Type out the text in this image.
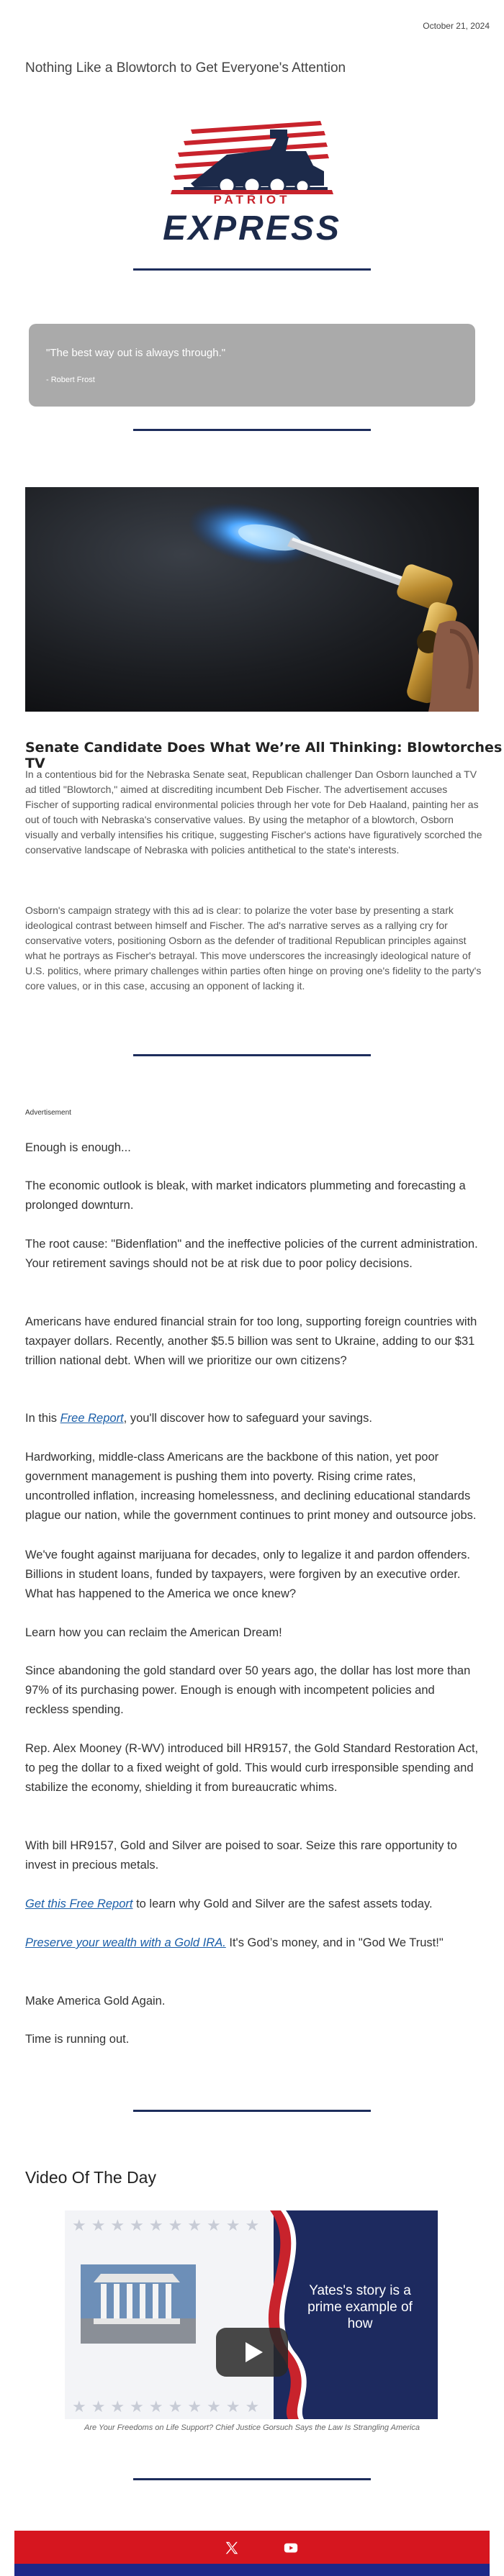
October 21, 2024
Nothing Like a Blowtorch to Get Everyone's Attention
PATRIOT
EXPRESS
"The best way out is always through."
- Robert Frost
Senate Candidate Does What We’re All Thinking: Blowtorches TV
In a contentious bid for the Nebraska Senate seat, Republican challenger Dan Osborn launched a TV ad titled "Blowtorch," aimed at discrediting incumbent Deb Fischer. The advertisement accuses Fischer of supporting radical environmental policies through her vote for Deb Haaland, painting her as out of touch with Nebraska's conservative values. By using the metaphor of a blowtorch, Osborn visually and verbally intensifies his critique, suggesting Fischer's actions have figuratively scorched the conservative landscape of Nebraska with policies antithetical to the state's interests.
Osborn's campaign strategy with this ad is clear: to polarize the voter base by presenting a stark ideological contrast between himself and Fischer. The ad's narrative serves as a rallying cry for conservative voters, positioning Osborn as the defender of traditional Republican principles against what he portrays as Fischer's betrayal. This move underscores the increasingly ideological nature of U.S. politics, where primary challenges within parties often hinge on proving one's fidelity to the party's core values, or in this case, accusing an opponent of lacking it.
Advertisement
Enough is enough...
The economic outlook is bleak, with market indicators plummeting and forecasting a prolonged downturn.
The root cause: "Bidenflation" and the ineffective policies of the current administration. Your retirement savings should not be at risk due to poor policy decisions.
Americans have endured financial strain for too long, supporting foreign countries with taxpayer dollars. Recently, another $5.5 billion was sent to Ukraine, adding to our $31 trillion national debt. When will we prioritize our own citizens?
In this Free Report, you'll discover how to safeguard your savings.
Hardworking, middle-class Americans are the backbone of this nation, yet poor government management is pushing them into poverty. Rising crime rates, uncontrolled inflation, increasing homelessness, and declining educational standards plague our nation, while the government continues to print money and outsource jobs.
We've fought against marijuana for decades, only to legalize it and pardon offenders. Billions in student loans, funded by taxpayers, were forgiven by an executive order. What has happened to the America we once knew?
Learn how you can reclaim the American Dream!
Since abandoning the gold standard over 50 years ago, the dollar has lost more than 97% of its purchasing power. Enough is enough with incompetent policies and reckless spending.
Rep. Alex Mooney (R-WV) introduced bill HR9157, the Gold Standard Restoration Act, to peg the dollar to a fixed weight of gold. This would curb irresponsible spending and stabilize the economy, shielding it from bureaucratic whims.
With bill HR9157, Gold and Silver are poised to soar. Seize this rare opportunity to invest in precious metals.
Get this Free Report to learn why Gold and Silver are the safest assets today.
Preserve your wealth with a Gold IRA. It's God’s money, and in "God We Trust!"
Make America Gold Again.
Time is running out.
Video Of The Day
★ ★ ★ ★ ★ ★ ★ ★ ★ ★
★ ★ ★ ★ ★ ★ ★ ★ ★ ★
Yates's story is a prime example of how
Are Your Freedoms on Life Support? Chief Justice Gorsuch Says the Law Is Strangling America
